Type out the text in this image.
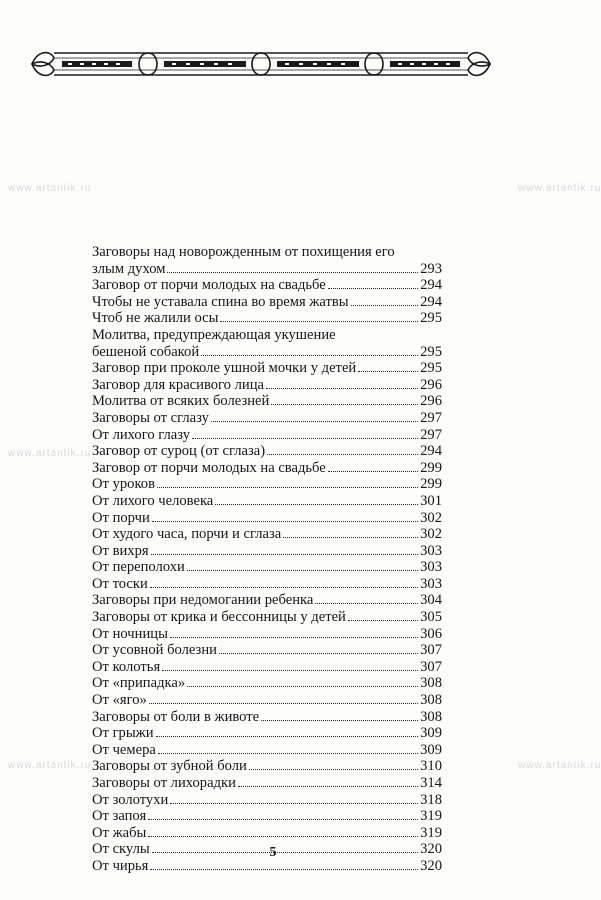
www.artantik.ru	www.artantik.ru
www.artantik.ru
www.artantik.ru	www.artantik.ru
Заговоры над новорожденным от похищения его
злым духом	293
Заговор от порчи молодых на свадьбе	294
Чтобы не уставала спина во время жатвы	294
Чтоб не жалили осы	295
Молитва, предупреждающая укушение
бешеной собакой	295
Заговор при проколе ушной мочки у детей	295
Заговор для красивого лица	296
Молитва от всяких болезней	296
Заговоры от сглазу	297
От лихого глазу	297
Заговор от суроц (от сглаза)	294
Заговор от порчи молодых на свадьбе	299
От уроков	299
От лихого человека	301
От порчи	302
От худого часа, порчи и сглаза	302
От вихря	303
От переполохи	303
От тоски	303
Заговоры при недомогании ребенка	304
Заговоры от крика и бессонницы у детей	305
От ночницы	306
От усовной болезни	307
От колотья	307
От «припадка»	308
От «яго»	308
Заговоры от боли в животе	308
От грыжи	309
От чемера	309
Заговоры от зубной боли	310
Заговоры от лихорадки	314
От золотухи	318
От запоя	319
От жабы	319
От скулы	320
От чирья	320
5
